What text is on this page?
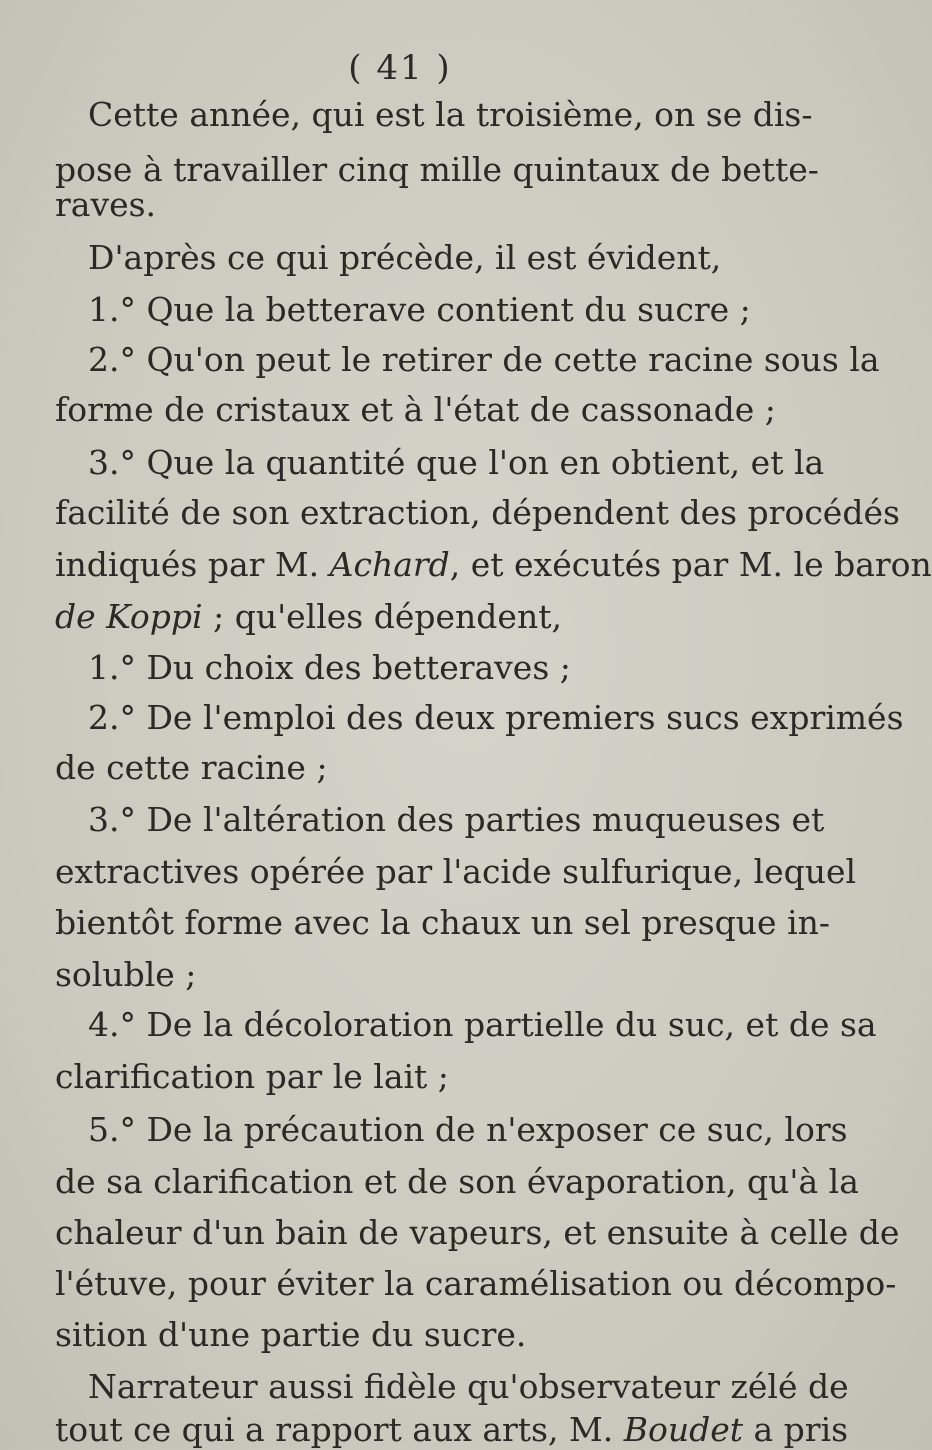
( 41 )
Cette année, qui est la troisième, on se dis-
pose à travailler cinq mille quintaux de bette-
raves.
D'après ce qui précède, il est évident,
1.° Que la betterave contient du sucre ;
2.° Qu'on peut le retirer de cette racine sous la
forme de cristaux et à l'état de cassonade ;
3.° Que la quantité que l'on en obtient, et la
facilité de son extraction, dépendent des procédés
indiqués par M. Achard, et exécutés par M. le baron
de Koppi ; qu'elles dépendent,
1.° Du choix des betteraves ;
2.° De l'emploi des deux premiers sucs exprimés
de cette racine ;
3.° De l'altération des parties muqueuses et
extractives opérée par l'acide sulfurique, lequel
bientôt forme avec la chaux un sel presque in-
soluble ;
4.° De la décoloration partielle du suc, et de sa
clarification par le lait ;
5.° De la précaution de n'exposer ce suc, lors
de sa clarification et de son évaporation, qu'à la
chaleur d'un bain de vapeurs, et ensuite à celle de
l'étuve, pour éviter la caramélisation ou décompo-
sition d'une partie du sucre.
Narrateur aussi fidèle qu'observateur zélé de
tout ce qui a rapport aux arts, M. Boudet a pris
